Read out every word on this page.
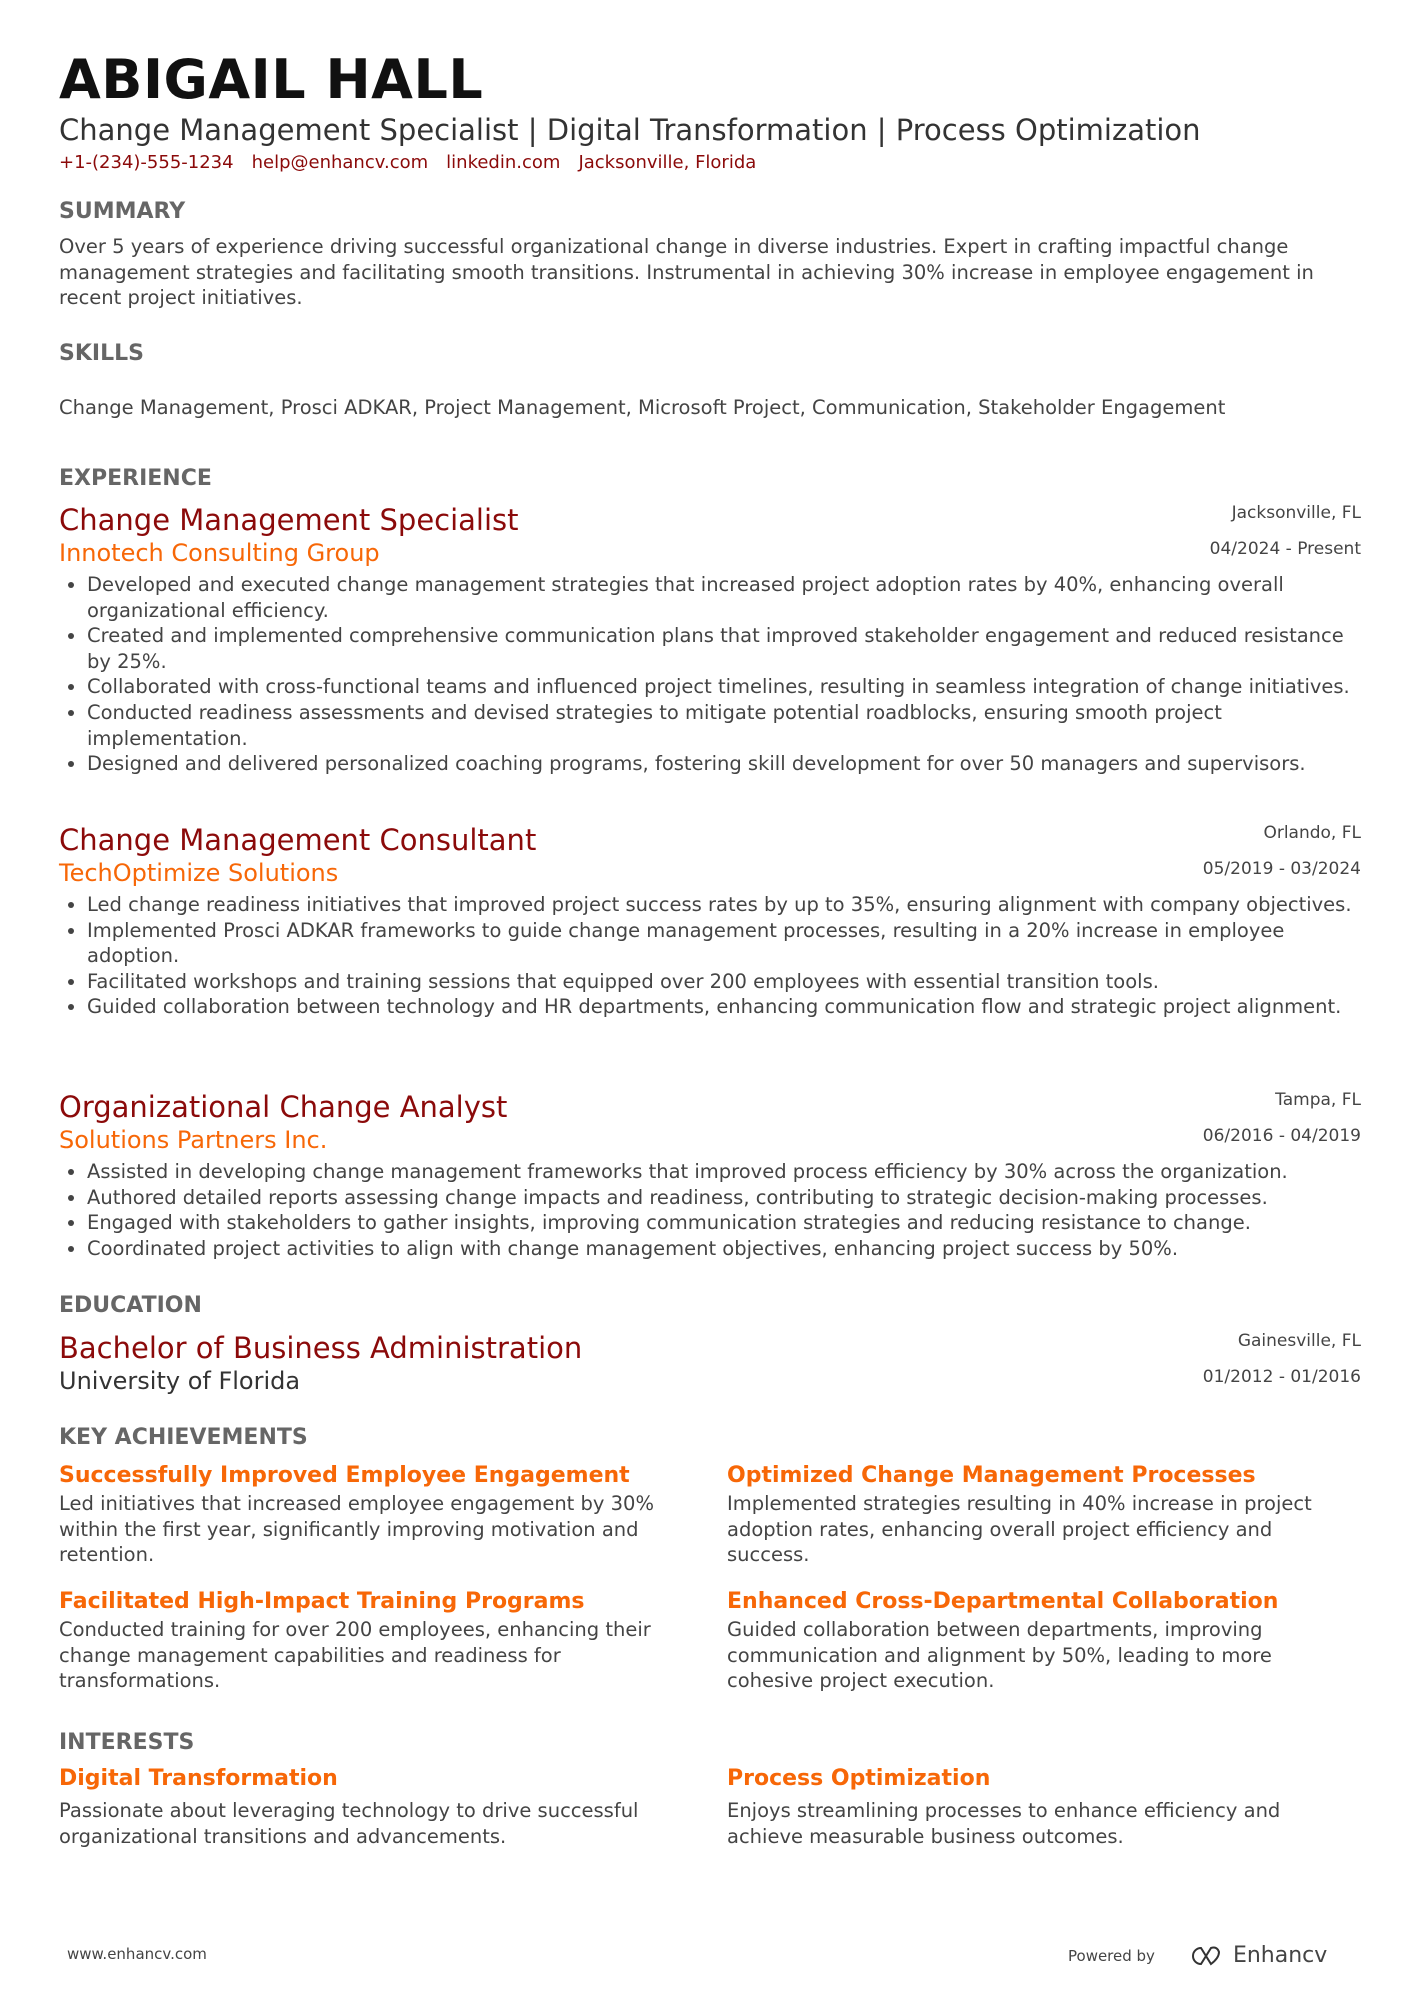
ABIGAIL HALL
Change Management Specialist | Digital Transformation | Process Optimization
+1-(234)-555-1234 help@enhancv.com linkedin.com Jacksonville, Florida
SUMMARY
Over 5 years of experience driving successful organizational change in diverse industries. Expert in crafting impactful change management strategies and facilitating smooth transitions. Instrumental in achieving 30% increase in employee engagement in recent project initiatives.
SKILLS
Change Management, Prosci ADKAR, Project Management, Microsoft Project, Communication, Stakeholder Engagement
EXPERIENCE
Jacksonville, FL
04/2024 - Present
Change Management Specialist
Innotech Consulting Group
• Developed and executed change management strategies that increased project adoption rates by 40%, enhancing overall organizational efficiency.
• Created and implemented comprehensive communication plans that improved stakeholder engagement and reduced resistance by 25%.
• Collaborated with cross-functional teams and influenced project timelines, resulting in seamless integration of change initiatives.
• Conducted readiness assessments and devised strategies to mitigate potential roadblocks, ensuring smooth project implementation.
• Designed and delivered personalized coaching programs, fostering skill development for over 50 managers and supervisors.
Orlando, FL
05/2019 - 03/2024
Change Management Consultant
TechOptimize Solutions
• Led change readiness initiatives that improved project success rates by up to 35%, ensuring alignment with company objectives.
• Implemented Prosci ADKAR frameworks to guide change management processes, resulting in a 20% increase in employee adoption.
• Facilitated workshops and training sessions that equipped over 200 employees with essential transition tools.
• Guided collaboration between technology and HR departments, enhancing communication flow and strategic project alignment.
Tampa, FL
06/2016 - 04/2019
Organizational Change Analyst
Solutions Partners Inc.
• Assisted in developing change management frameworks that improved process efficiency by 30% across the organization.
• Authored detailed reports assessing change impacts and readiness, contributing to strategic decision-making processes.
• Engaged with stakeholders to gather insights, improving communication strategies and reducing resistance to change.
• Coordinated project activities to align with change management objectives, enhancing project success by 50%.
EDUCATION
Gainesville, FL
01/2012 - 01/2016
Bachelor of Business Administration
University of Florida
KEY ACHIEVEMENTS
Successfully Improved Employee Engagement
Led initiatives that increased employee engagement by 30% within the first year, significantly improving motivation and retention.
Optimized Change Management Processes
Implemented strategies resulting in 40% increase in project adoption rates, enhancing overall project efficiency and success.
Facilitated High-Impact Training Programs
Conducted training for over 200 employees, enhancing their change management capabilities and readiness for transformations.
Enhanced Cross-Departmental Collaboration
Guided collaboration between departments, improving communication and alignment by 50%, leading to more cohesive project execution.
INTERESTS
Digital Transformation
Passionate about leveraging technology to drive successful organizational transitions and advancements.
Process Optimization
Enjoys streamlining processes to enhance efficiency and achieve measurable business outcomes.
www.enhancv.com	Powered by	Enhancv
